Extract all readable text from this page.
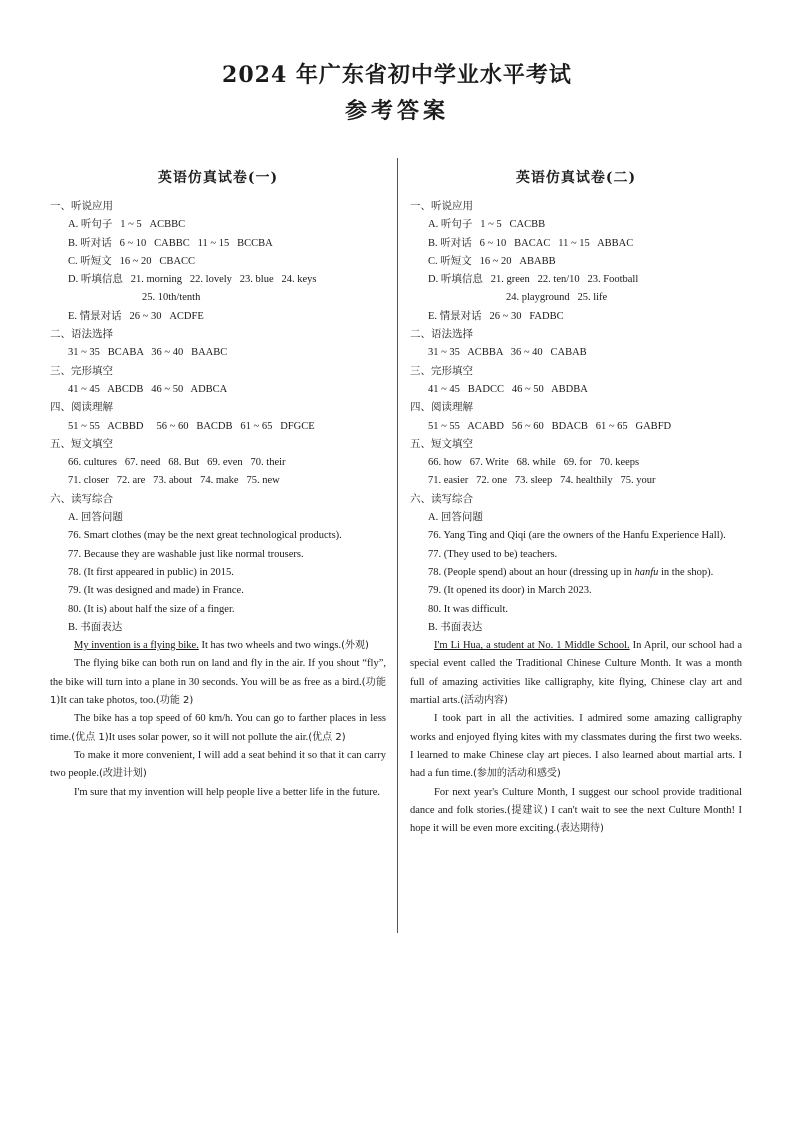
2024 年广东省初中学业水平考试
参考答案
英语仿真试卷(一)
一、听说应用
A. 听句子   1 ~ 5   ACBBC
B. 听对话   6 ~ 10   CABBC   11 ~ 15   BCCBA
C. 听短文   16 ~ 20   CBACC
D. 听填信息   21. morning   22. lovely   23. blue   24. keys
25. 10th/tenth
E. 情景对话   26 ~ 30   ACDFE
二、语法选择
31 ~ 35   BCABA   36 ~ 40   BAABC
三、完形填空
41 ~ 45   ABCDB   46 ~ 50   ADBCA
四、阅读理解
51 ~ 55   ACBBD     56 ~ 60   BACDB   61 ~ 65   DFGCE
五、短文填空
66. cultures   67. need   68. But   69. even   70. their
71. closer   72. are   73. about   74. make   75. new
六、读写综合
A. 回答问题
76. Smart clothes (may be the next great technological products).
77. Because they are washable just like normal trousers.
78. (It first appeared in public) in 2015.
79. (It was designed and made) in France.
80. (It is) about half the size of a finger.
B. 书面表达
My invention is a flying bike. It has two wheels and two wings.(外观)
The flying bike can both run on land and fly in the air. If you shout “fly”, the bike will turn into a plane in 30 seconds. You will be as free as a bird.(功能 1)It can take photos, too.(功能 2)
The bike has a top speed of 60 km/h. You can go to farther places in less time.(优点 1)It uses solar power, so it will not pollute the air.(优点 2)
To make it more convenient, I will add a seat behind it so that it can carry two people.(改进计划)
I'm sure that my invention will help people live a better life in the future.
英语仿真试卷(二)
一、听说应用
A. 听句子   1 ~ 5   CACBB
B. 听对话   6 ~ 10   BACAC   11 ~ 15   ABBAC
C. 听短文   16 ~ 20   ABABB
D. 听填信息   21. green   22. ten/10   23. Football
24. playground   25. life
E. 情景对话   26 ~ 30   FADBC
二、语法选择
31 ~ 35   ACBBA   36 ~ 40   CABAB
三、完形填空
41 ~ 45   BADCC   46 ~ 50   ABDBA
四、阅读理解
51 ~ 55   ACABD   56 ~ 60   BDACB   61 ~ 65   GABFD
五、短文填空
66. how   67. Write   68. while   69. for   70. keeps
71. easier   72. one   73. sleep   74. healthily   75. your
六、读写综合
A. 回答问题
76. Yang Ting and Qiqi (are the owners of the Hanfu Experience Hall).
77. (They used to be) teachers.
78. (People spend) about an hour (dressing up in hanfu in the shop).
79. (It opened its door) in March 2023.
80. It was difficult.
B. 书面表达
I'm Li Hua, a student at No. 1 Middle School. In April, our school had a special event called the Traditional Chinese Culture Month. It was a month full of amazing activities like calligraphy, kite flying, Chinese clay art and martial arts.(活动内容)
I took part in all the activities. I admired some amazing calligraphy works and enjoyed flying kites with my classmates during the first two weeks. I learned to make Chinese clay art pieces. I also learned about martial arts. I had a fun time.(参加的活动和感受)
For next year's Culture Month, I suggest our school provide traditional dance and folk stories.(提建议) I can't wait to see the next Culture Month! I hope it will be even more exciting.(表达期待)
